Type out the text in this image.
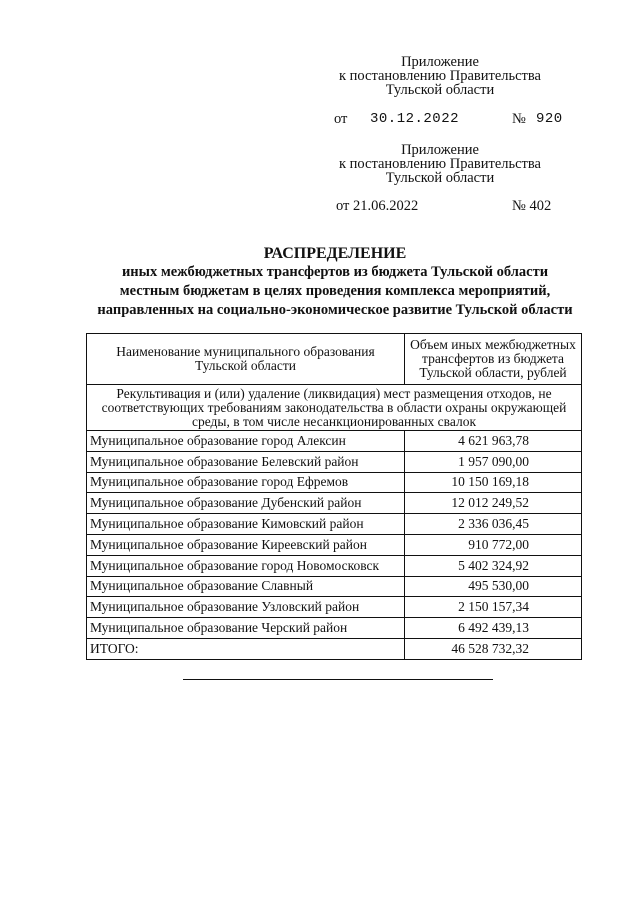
Приложение
к постановлению Правительства
Тульской области
от 30.12.2022	№ 920
Приложение
к постановлению Правительства
Тульской области
от 21.06.2022	№ 402
РАСПРЕДЕЛЕНИЕ
иных межбюджетных трансфертов из бюджета Тульской области
местным бюджетам в целях проведения комплекса мероприятий,
направленных на социально-экономическое развитие Тульской области
Наименование муниципального образования Тульской области	Объем иных межбюджетных трансфертов из бюджета Тульской области, рублей
Рекультивация и (или) удаление (ликвидация) мест размещения отходов, не соответствующих требованиям законодательства в области охраны окружающей среды, в том числе несанкционированных свалок	
Муниципальное образование город Алексин	4 621 963,78
Муниципальное образование Белевский район	1 957 090,00
Муниципальное образование город Ефремов	10 150 169,18
Муниципальное образование Дубенский район	12 012 249,52
Муниципальное образование Кимовский район	2 336 036,45
Муниципальное образование Киреевский район	910 772,00
Муниципальное образование город Новомосковск	5 402 324,92
Муниципальное образование Славный	495 530,00
Муниципальное образование Узловский район	2 150 157,34
Муниципальное образование Черский район	6 492 439,13
ИТОГО:	46 528 732,32
